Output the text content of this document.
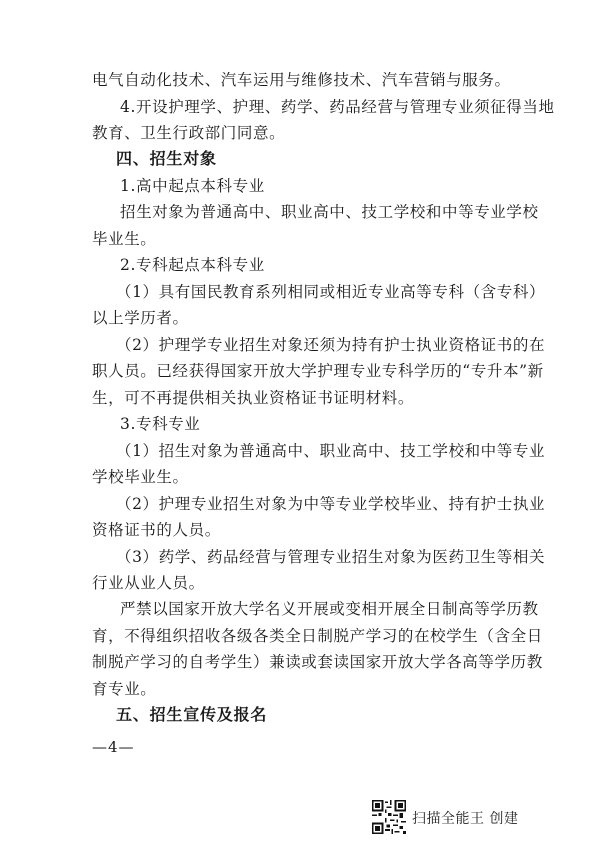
电气自动化技术、汽车运用与维修技术、汽车营销与服务。
4.开设护理学、护理、药学、药品经营与管理专业须征得当地
教育、卫生行政部门同意。
四、招生对象
1.高中起点本科专业
招生对象为普通高中、职业高中、技工学校和中等专业学校
毕业生。
2.专科起点本科专业
（1）具有国民教育系列相同或相近专业高等专科（含专科）
以上学历者。
（2）护理学专业招生对象还须为持有护士执业资格证书的在
职人员。已经获得国家开放大学护理专业专科学历的“专升本”新
生，可不再提供相关执业资格证书证明材料。
3.专科专业
（1）招生对象为普通高中、职业高中、技工学校和中等专业
学校毕业生。
（2）护理专业招生对象为中等专业学校毕业、持有护士执业
资格证书的人员。
（3）药学、药品经营与管理专业招生对象为医药卫生等相关
行业从业人员。
严禁以国家开放大学名义开展或变相开展全日制高等学历教
育，不得组织招收各级各类全日制脱产学习的在校学生（含全日
制脱产学习的自考学生）兼读或套读国家开放大学各高等学历教
育专业。
五、招生宣传及报名
—4—
扫描全能王 创建
